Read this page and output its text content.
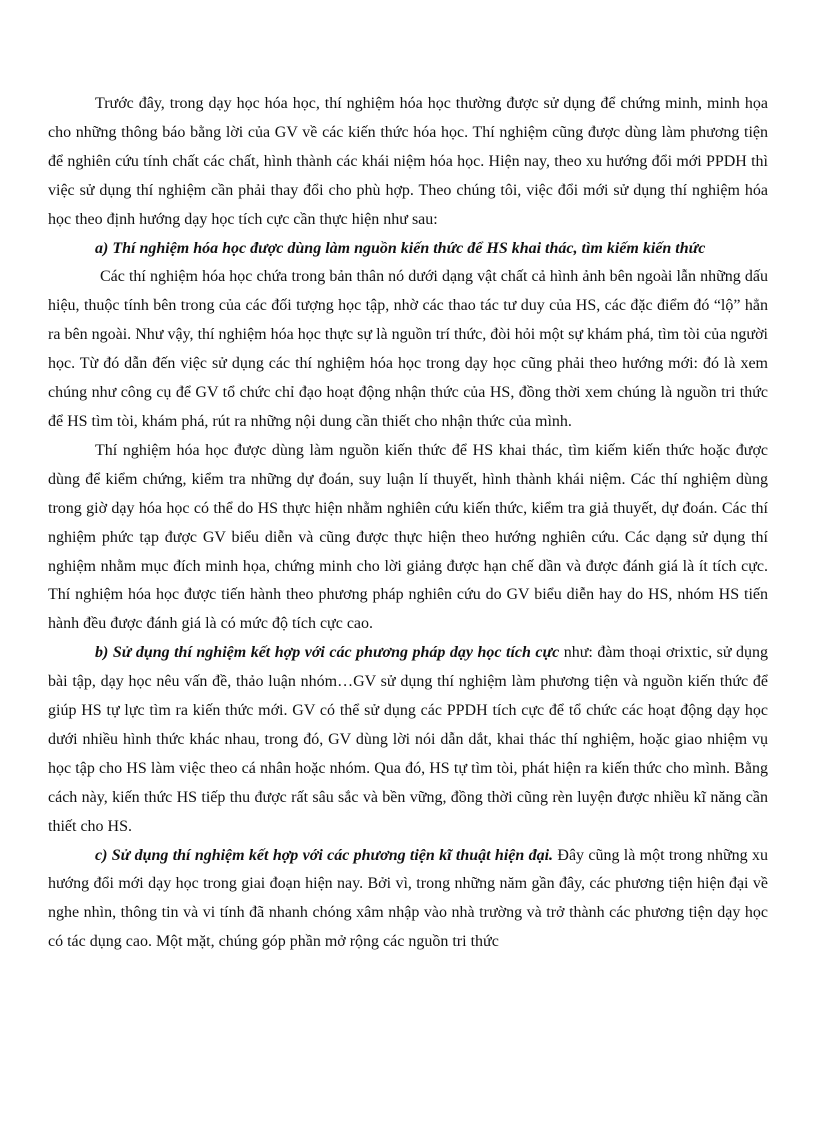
Trước đây, trong dạy học hóa học, thí nghiệm hóa học thường được sử dụng để chứng minh, minh họa cho những thông báo bằng lời của GV về các kiến thức hóa học. Thí nghiệm cũng được dùng làm phương tiện để nghiên cứu tính chất các chất, hình thành các khái niệm hóa học. Hiện nay, theo xu hướng đổi mới PPDH thì việc sử dụng thí nghiệm cần phải thay đổi cho phù hợp. Theo chúng tôi, việc đổi mới sử dụng thí nghiệm hóa học theo định hướng dạy học tích cực cần thực hiện như sau:

a) Thí nghiệm hóa học được dùng làm nguồn kiến thức để HS khai thác, tìm kiếm kiến thức

Các thí nghiệm hóa học chứa trong bản thân nó dưới dạng vật chất cả hình ảnh bên ngoài lẫn những dấu hiệu, thuộc tính bên trong của các đối tượng học tập, nhờ các thao tác tư duy của HS, các đặc điểm đó “lộ” hẳn ra bên ngoài. Như vậy, thí nghiệm hóa học thực sự là nguồn trí thức, đòi hỏi một sự khám phá, tìm tòi của người học. Từ đó dẫn đến việc sử dụng các thí nghiệm hóa học trong dạy học cũng phải theo hướng mới: đó là xem chúng như công cụ để GV tổ chức chỉ đạo hoạt động nhận thức của HS, đồng thời xem chúng là nguồn tri thức để HS tìm tòi, khám phá, rút ra những nội dung cần thiết cho nhận thức của mình.

Thí nghiệm hóa học được dùng làm nguồn kiến thức để HS khai thác, tìm kiếm kiến thức hoặc được dùng để kiểm chứng, kiểm tra những dự đoán, suy luận lí thuyết, hình thành khái niệm. Các thí nghiệm dùng trong giờ dạy hóa học có thể do HS thực hiện nhằm nghiên cứu kiến thức, kiểm tra giả thuyết, dự đoán. Các thí nghiệm phức tạp được GV biểu diễn và cũng được thực hiện theo hướng nghiên cứu. Các dạng sử dụng thí nghiệm nhằm mục đích minh họa, chứng minh cho lời giảng được hạn chế dần và được đánh giá là ít tích cực. Thí nghiệm hóa học được tiến hành theo phương pháp nghiên cứu do GV biểu diễn hay do HS, nhóm HS tiến hành đều được đánh giá là có mức độ tích cực cao.

b) Sử dụng thí nghiệm kết hợp với các phương pháp dạy học tích cực như: đàm thoại ơrixtic, sử dụng bài tập, dạy học nêu vấn đề, thảo luận nhóm…GV sử dụng thí nghiệm làm phương tiện và nguồn kiến thức để giúp HS tự lực tìm ra kiến thức mới. GV có thể sử dụng các PPDH tích cực để tổ chức các hoạt động dạy học dưới nhiều hình thức khác nhau, trong đó, GV dùng lời nói dẫn dắt, khai thác thí nghiệm, hoặc giao nhiệm vụ học tập cho HS làm việc theo cá nhân hoặc nhóm. Qua đó, HS tự tìm tòi, phát hiện ra kiến thức cho mình. Bằng cách này, kiến thức HS tiếp thu được rất sâu sắc và bền vững, đồng thời cũng rèn luyện được nhiều kĩ năng cần thiết cho HS.

c) Sử dụng thí nghiệm kết hợp với các phương tiện kĩ thuật hiện đại. Đây cũng là một trong những xu hướng đổi mới dạy học trong giai đoạn hiện nay. Bởi vì, trong những năm gần đây, các phương tiện hiện đại về nghe nhìn, thông tin và vi tính đã nhanh chóng xâm nhập vào nhà trường và trở thành các phương tiện dạy học có tác dụng cao. Một mặt, chúng góp phần mở rộng các nguồn tri thức
